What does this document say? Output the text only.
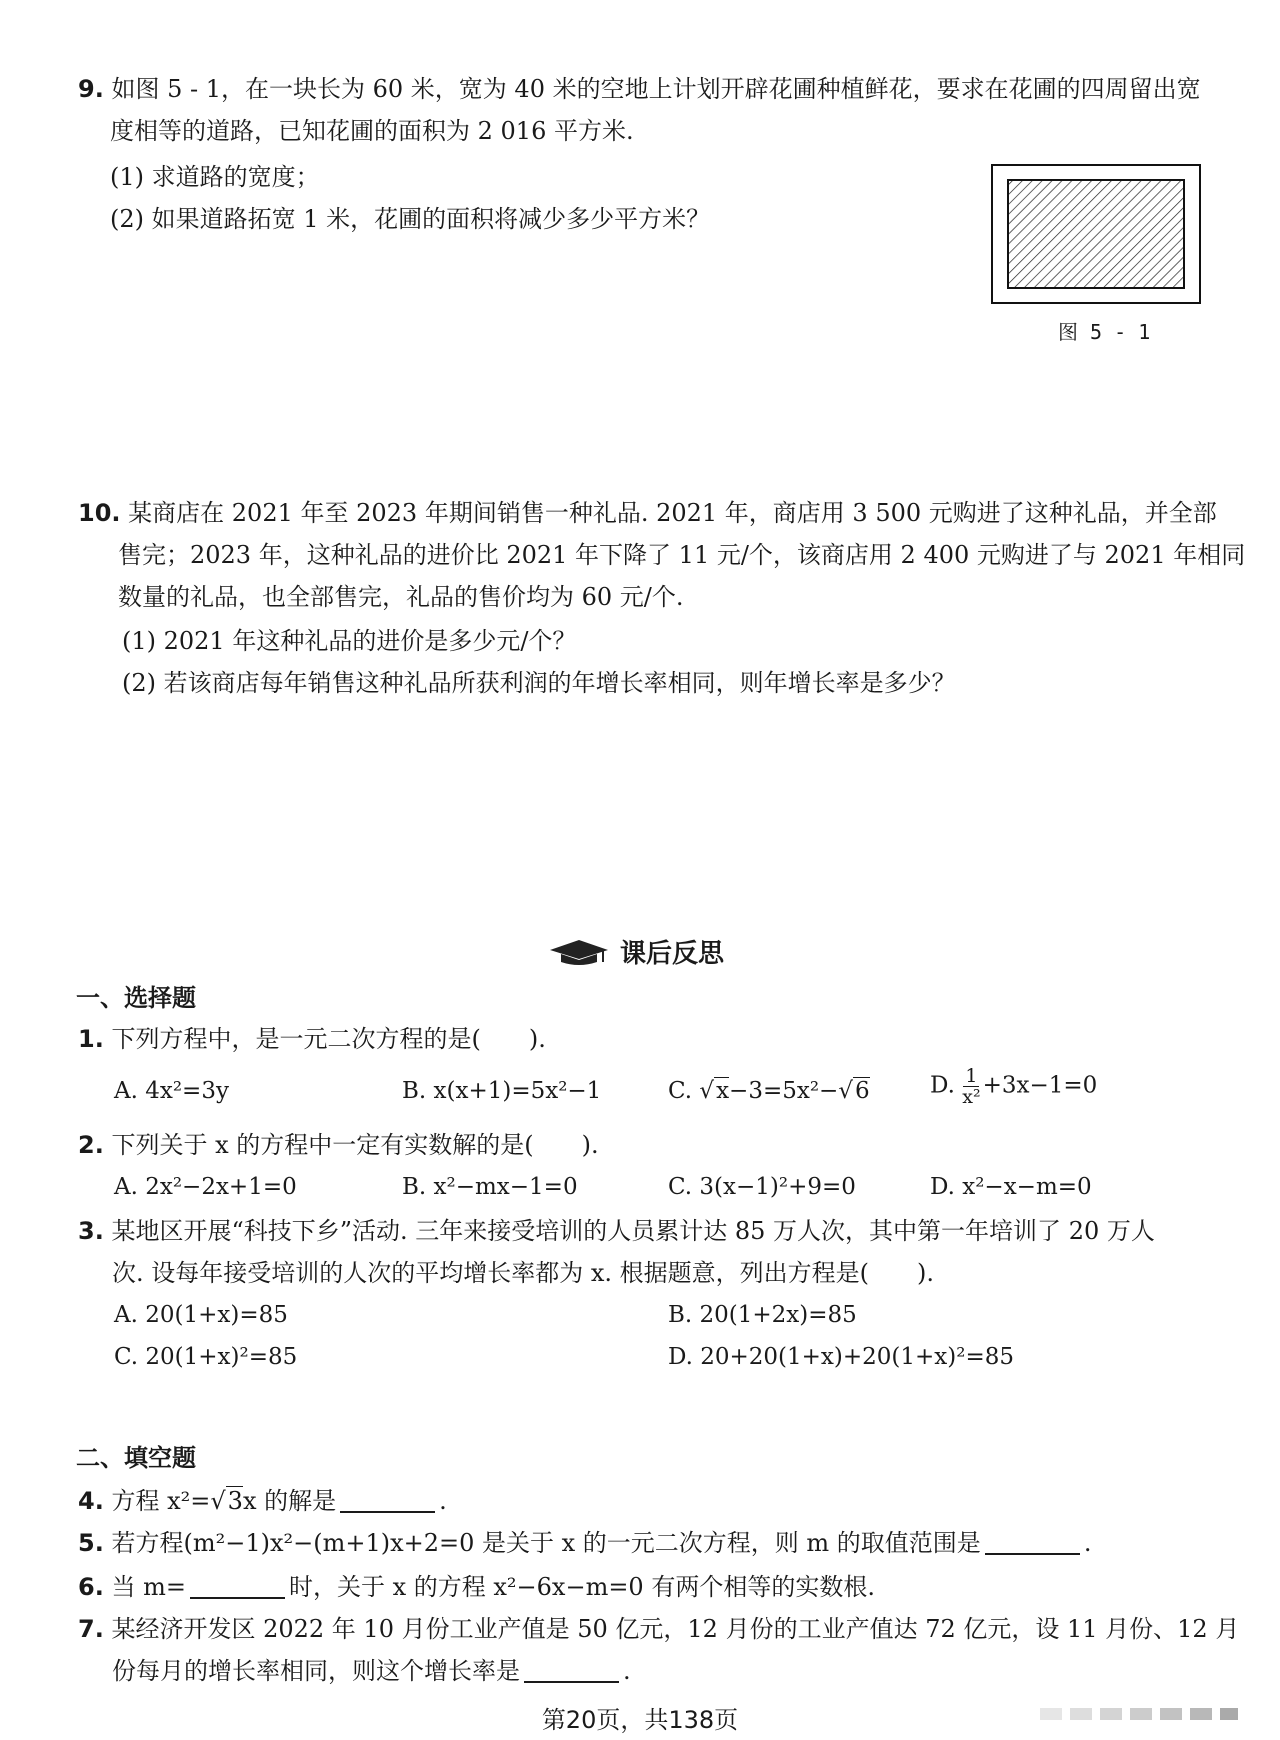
9. 如图 5 - 1，在一块长为 60 米，宽为 40 米的空地上计划开辟花圃种植鲜花，要求在花圃的四周留出宽
度相等的道路，已知花圃的面积为 2 016 平方米.
(1) 求道路的宽度；
(2) 如果道路拓宽 1 米，花圃的面积将减少多少平方米？
图 5 - 1
10. 某商店在 2021 年至 2023 年期间销售一种礼品. 2021 年，商店用 3 500 元购进了这种礼品，并全部
售完；2023 年，这种礼品的进价比 2021 年下降了 11 元/个，该商店用 2 400 元购进了与 2021 年相同
数量的礼品，也全部售完，礼品的售价均为 60 元/个.
(1) 2021 年这种礼品的进价是多少元/个？
(2) 若该商店每年销售这种礼品所获利润的年增长率相同，则年增长率是多少？
课后反思
一、选择题
1. 下列方程中，是一元二次方程的是(　　).
A. 4x²=3y	B. x(x+1)=5x²−1	C. √x−3=5x²−√6	D. $\frac{1}{\text{x²}} +3x-1=0$
2. 下列关于 x 的方程中一定有实数解的是(　　).
A. 2x²−2x+1=0	B. x²−mx−1=0	C. 3(x−1)²+9=0	D. x²−x−m=0
3. 某地区开展“科技下乡”活动. 三年来接受培训的人员累计达 85 万人次，其中第一年培训了 20 万人
次. 设每年接受培训的人次的平均增长率都为 x. 根据题意，列出方程是(　　).
A. 20(1+x)=85	B. 20(1+2x)=85
C. 20(1+x)²=85	D. 20+20(1+x)+20(1+x)²=85
二、填空题
4. 方程 x²=√3x 的解是	.
5. 若方程(m²−1)x²−(m+1)x+2=0 是关于 x 的一元二次方程，则 m 的取值范围是	.
6. 当 m=	时，关于 x 的方程 x²−6x−m=0 有两个相等的实数根.
7. 某经济开发区 2022 年 10 月份工业产值是 50 亿元，12 月份的工业产值达 72 亿元，设 11 月份、12 月
份每月的增长率相同，则这个增长率是	.
第20页，共138页
